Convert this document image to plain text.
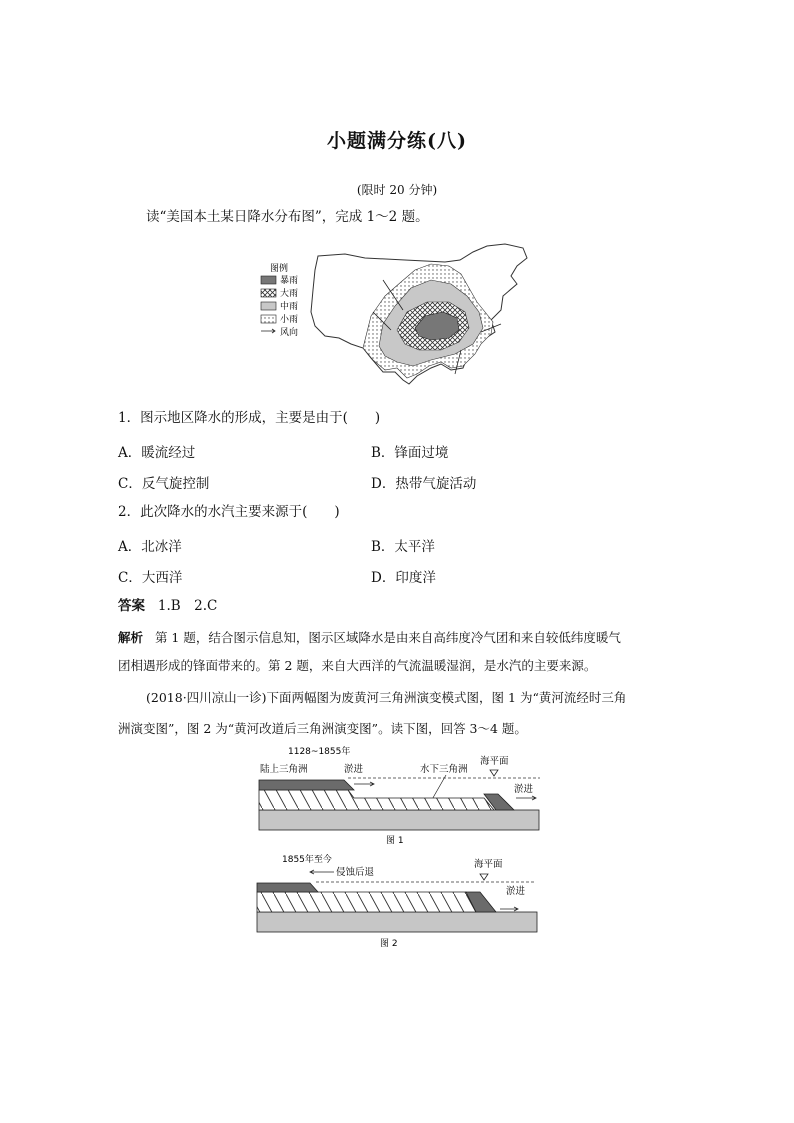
小题满分练(八)
(限时 20 分钟)
读“美国本土某日降水分布图”，完成 1～2 题。
图例
暴雨
大雨
中雨
小雨
风向
1．图示地区降水的形成，主要是由于(　　)
A．暖流经过	B．锋面过境
C．反气旋控制	D．热带气旋活动
2．此次降水的水汽主要来源于(　　)
A．北冰洋	B．太平洋
C．大西洋	D．印度洋
答案 1.B　2.C
解析 第 1 题，结合图示信息知，图示区域降水是由来自高纬度冷气团和来自较低纬度暖气
团相遇形成的锋面带来的。第 2 题，来自大西洋的气流温暖湿润，是水汽的主要来源。
(2018·四川凉山一诊)下面两幅图为废黄河三角洲演变模式图，图 1 为“黄河流经时三角
洲演变图”，图 2 为“黄河改道后三角洲演变图”。读下图，回答 3～4 题。
1128~1855年
陆上三角洲	淤进	水下三角洲
海平面
淤进
图 1
1855年至今
侵蚀后退
海平面
淤进
图 2
